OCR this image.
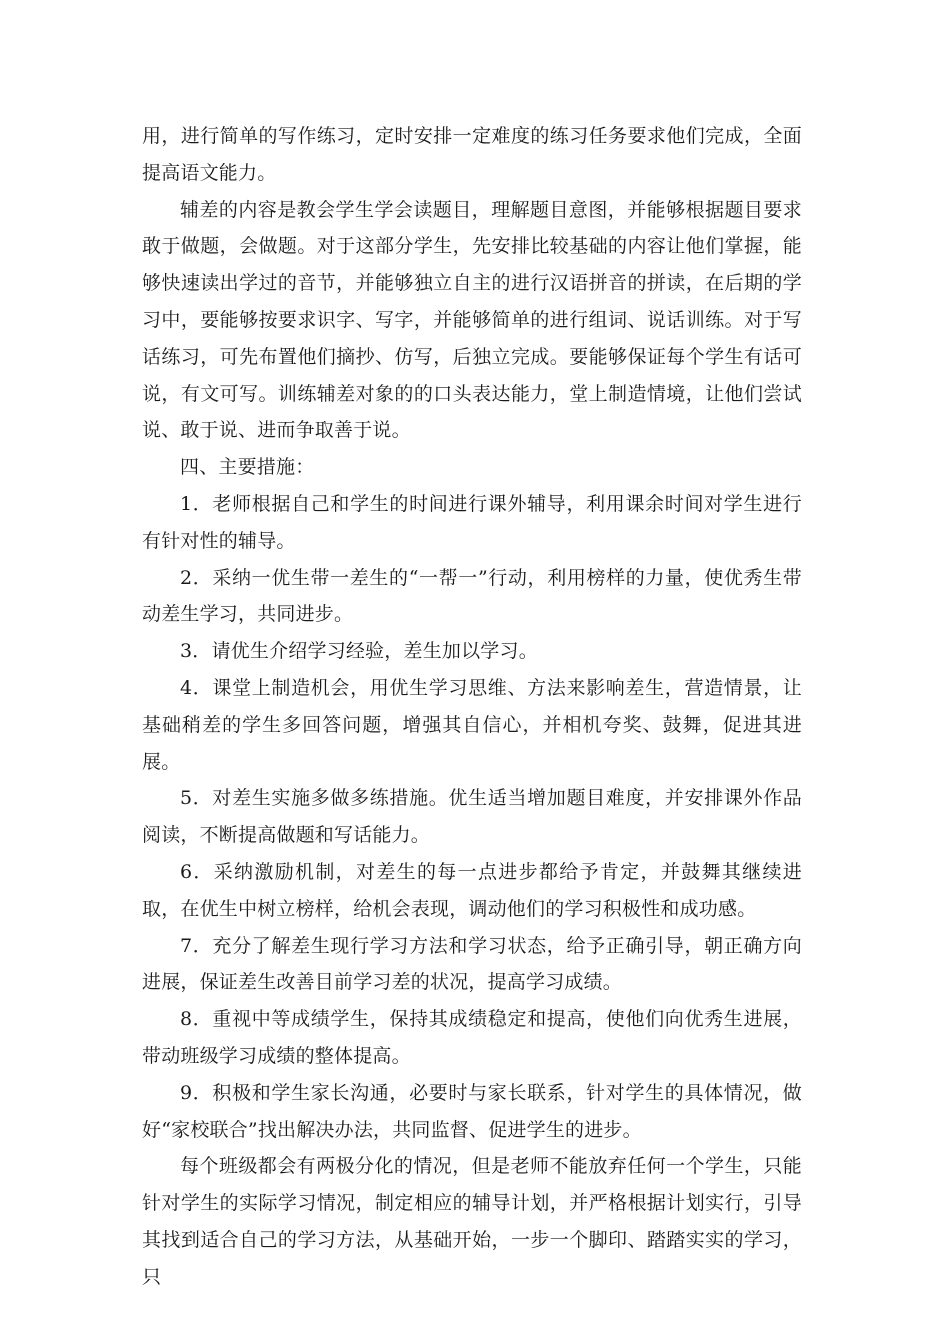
用，进行简单的写作练习，定时安排一定难度的练习任务要求他们完成，全面提高语文能力。

辅差的内容是教会学生学会读题目，理解题目意图，并能够根据题目要求敢于做题，会做题。对于这部分学生，先安排比较基础的内容让他们掌握，能够快速读出学过的音节，并能够独立自主的进行汉语拼音的拼读，在后期的学习中，要能够按要求识字、写字，并能够简单的进行组词、说话训练。对于写话练习，可先布置他们摘抄、仿写，后独立完成。要能够保证每个学生有话可说，有文可写。训练辅差对象的的口头表达能力，堂上制造情境，让他们尝试说、敢于说、进而争取善于说。

四、主要措施：

1．老师根据自己和学生的时间进行课外辅导，利用课余时间对学生进行有针对性的辅导。

2．采纳一优生带一差生的“一帮一”行动，利用榜样的力量，使优秀生带动差生学习，共同进步。

3．请优生介绍学习经验，差生加以学习。

4．课堂上制造机会，用优生学习思维、方法来影响差生，营造情景，让基础稍差的学生多回答问题，增强其自信心，并相机夸奖、鼓舞，促进其进展。

5．对差生实施多做多练措施。优生适当增加题目难度，并安排课外作品阅读，不断提高做题和写话能力。

6．采纳激励机制，对差生的每一点进步都给予肯定，并鼓舞其继续进取，在优生中树立榜样，给机会表现，调动他们的学习积极性和成功感。

7．充分了解差生现行学习方法和学习状态，给予正确引导，朝正确方向进展，保证差生改善目前学习差的状况，提高学习成绩。

8．重视中等成绩学生，保持其成绩稳定和提高，使他们向优秀生进展，带动班级学习成绩的整体提高。

9．积极和学生家长沟通，必要时与家长联系，针对学生的具体情况，做好“家校联合”找出解决办法，共同监督、促进学生的进步。

每个班级都会有两极分化的情况，但是老师不能放弃任何一个学生，只能针对学生的实际学习情况，制定相应的辅导计划，并严格根据计划实行，引导其找到适合自己的学习方法，从基础开始，一步一个脚印、踏踏实实的学习，只
